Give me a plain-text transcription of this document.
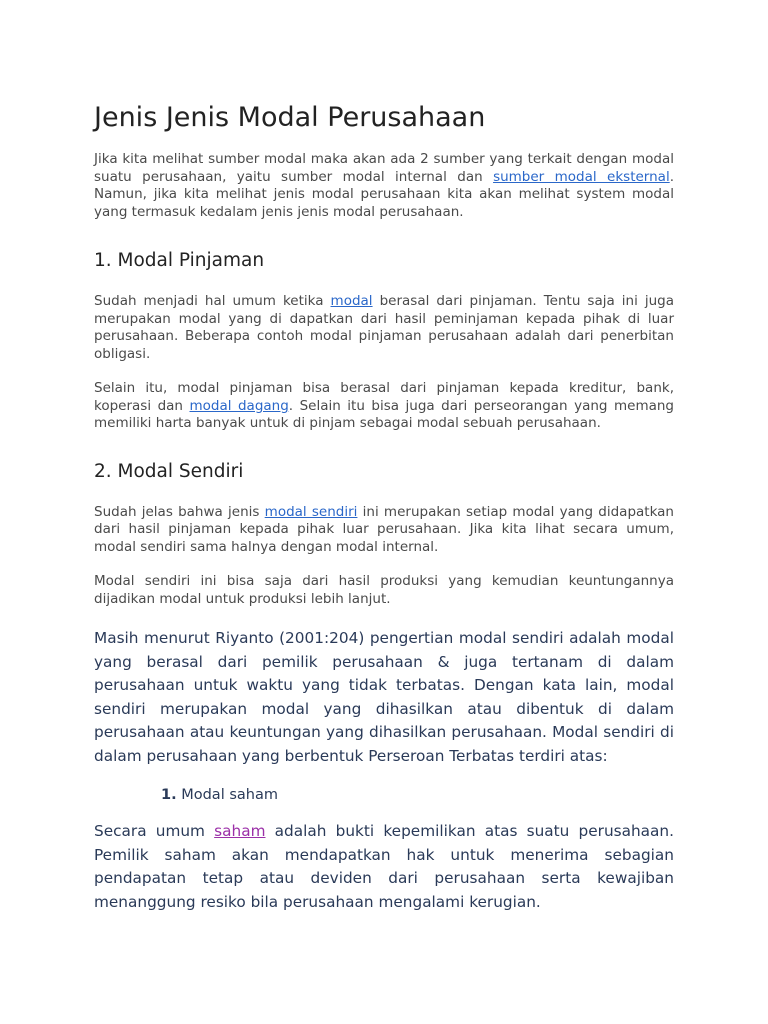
Jenis Jenis Modal Perusahaan

Jika kita melihat sumber modal maka akan ada 2 sumber yang terkait dengan modal suatu perusahaan, yaitu sumber modal internal dan sumber modal eksternal. Namun, jika kita melihat jenis modal perusahaan kita akan melihat system modal yang termasuk kedalam jenis jenis modal perusahaan.

1. Modal Pinjaman

Sudah menjadi hal umum ketika modal berasal dari pinjaman. Tentu saja ini juga merupakan modal yang di dapatkan dari hasil peminjaman kepada pihak di luar perusahaan. Beberapa contoh modal pinjaman perusahaan adalah dari penerbitan obligasi.

Selain itu, modal pinjaman bisa berasal dari pinjaman kepada kreditur, bank, koperasi dan modal dagang. Selain itu bisa juga dari perseorangan yang memang memiliki harta banyak untuk di pinjam sebagai modal sebuah perusahaan.

2. Modal Sendiri

Sudah jelas bahwa jenis modal sendiri ini merupakan setiap modal yang didapatkan dari hasil pinjaman kepada pihak luar perusahaan. Jika kita lihat secara umum, modal sendiri sama halnya dengan modal internal.

Modal sendiri ini bisa saja dari hasil produksi yang kemudian keuntungannya dijadikan modal untuk produksi lebih lanjut.

Masih menurut Riyanto (2001:204) pengertian modal sendiri adalah modal yang berasal dari pemilik perusahaan & juga tertanam di dalam perusahaan untuk waktu yang tidak terbatas. Dengan kata lain, modal sendiri merupakan modal yang dihasilkan atau dibentuk di dalam perusahaan atau keuntungan yang dihasilkan perusahaan. Modal sendiri di dalam perusahaan yang berbentuk Perseroan Terbatas terdiri atas:

1. Modal saham

Secara umum saham adalah bukti kepemilikan atas suatu perusahaan. Pemilik saham akan mendapatkan hak untuk menerima sebagian pendapatan tetap atau deviden dari perusahaan serta kewajiban menanggung resiko bila perusahaan mengalami kerugian.
